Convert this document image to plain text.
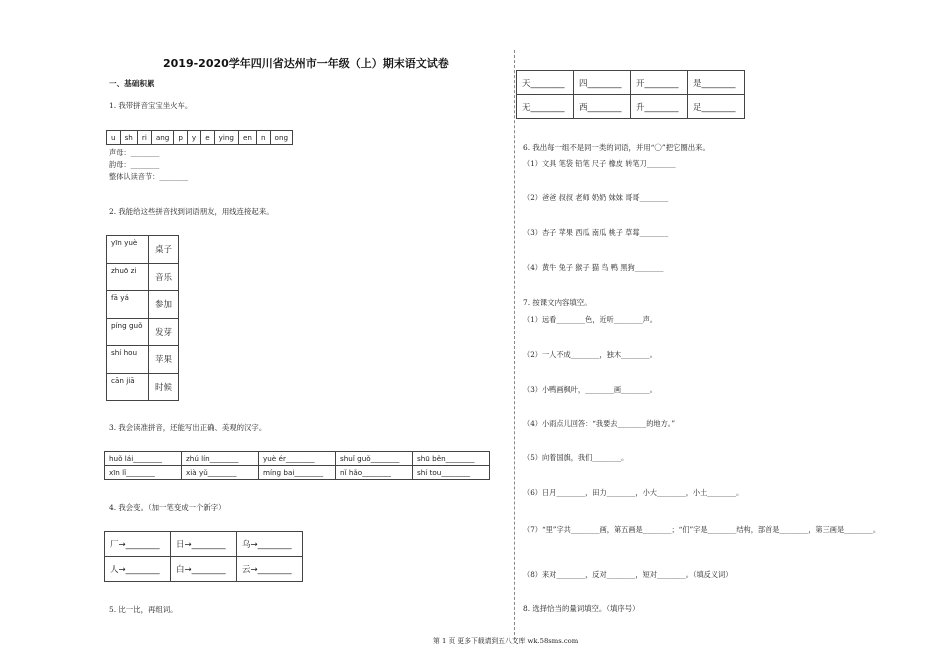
2019-2020学年四川省达州市一年级（上）期末语文试卷
一、基础积累
1. 我带拼音宝宝坐火车。
u	sh	ri	ang	p	y	e	ying	en	n	ong
声母：________
韵母：________
整体认读音节：________
2. 我能给这些拼音找到词语朋友，用线连接起来。
yīn yuè	桌子
zhuō zi	音乐
fā yá	参加
píng guǒ	发芽
shí hou	苹果
cān jiā	时候
3. 我会读准拼音，还能写出正确、美观的汉字。
huǒ lái________	zhú lín________	yuè ér________	shuǐ guǒ________	shū běn________
xīn lǐ________	xià yǔ________	míng bai________	nǐ hǎo________	shí tou________
4. 我会变。（加一笔变成一个新字）
厂→________	日→________	乌→________
人→________	白→________	云→________
5. 比一比，再组词。
天________	四________	开________	是________
无________	西________	升________	足________
6. 我出每一组不是同一类的词语，并用“〇”把它圈出来。
（1）文具 笔袋 铅笔 尺子 橡皮 转笔刀________
（2）爸爸 叔叔 老师 奶奶 妹妹 哥哥________
（3）杏子 苹果 西瓜 南瓜 桃子 草莓________
（4）黄牛 兔子 猴子 猫 鸟 鸭 黑狗________
7. 按课文内容填空。
（1）远看________色，近听________声。
（2）一人不成________，独木________。
（3）小鸭画枫叶，________画________。
（4）小雨点儿回答：“我要去________的地方。”
（5）向着国旗，我们________。
（6）日月________，田力________，小大________，小土________。
（7）“里”字共________画，第五画是________；“们”字是________结构，部首是________，第三画是________。
（8）来对________，反对________，短对________。（填反义词）
8. 选择恰当的量词填空。（填序号）
第 1 页 更多下载请到五八文库 wk.58sms.com
